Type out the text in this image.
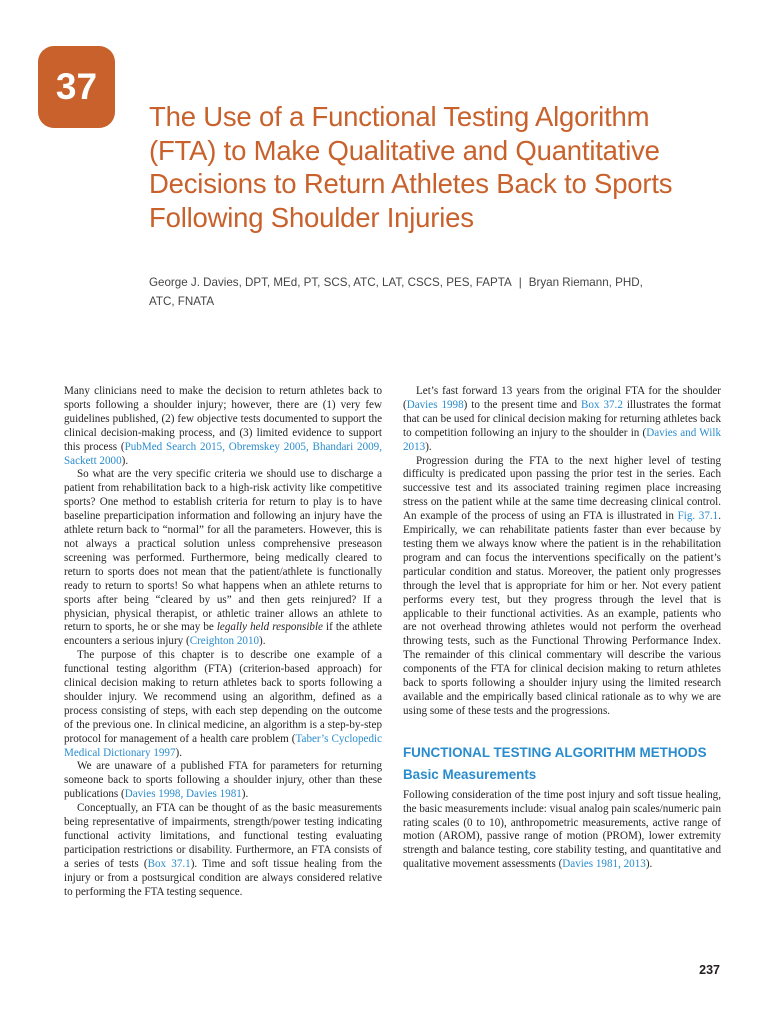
37
The Use of a Functional Testing Algorithm (FTA) to Make Qualitative and Quantitative Decisions to Return Athletes Back to Sports Following Shoulder Injuries
George J. Davies, DPT, MEd, PT, SCS, ATC, LAT, CSCS, PES, FAPTA | Bryan Riemann, PHD, ATC, FNATA

Many clinicians need to make the decision to return athletes back to sports following a shoulder injury; however, there are (1) very few guidelines published, (2) few objective tests documented to support the clinical decision-making process, and (3) limited evidence to support this process (PubMed Search 2015, Obremskey 2005, Bhandari 2009, Sackett 2000).

So what are the very specific criteria we should use to discharge a patient from rehabilitation back to a high-risk activity like competitive sports? One method to establish criteria for return to play is to have baseline preparticipation information and following an injury have the athlete return back to “normal” for all the parameters. However, this is not always a practical solution unless comprehensive preseason screening was performed. Furthermore, being medically cleared to return to sports does not mean that the patient/athlete is functionally ready to return to sports! So what happens when an athlete returns to sports after being “cleared by us” and then gets reinjured? If a physician, physical therapist, or athletic trainer allows an athlete to return to sports, he or she may be legally held responsible if the athlete encounters a serious injury (Creighton 2010).

The purpose of this chapter is to describe one example of a functional testing algorithm (FTA) (criterion-based approach) for clinical decision making to return athletes back to sports following a shoulder injury. We recommend using an algorithm, defined as a process consisting of steps, with each step depending on the outcome of the previous one. In clinical medicine, an algorithm is a step-by-step protocol for management of a health care problem (Taber’s Cyclopedic Medical Dictionary 1997).

We are unaware of a published FTA for parameters for returning someone back to sports following a shoulder injury, other than these publications (Davies 1998, Davies 1981).

Conceptually, an FTA can be thought of as the basic measurements being representative of impairments, strength/power testing indicating functional activity limitations, and functional testing evaluating participation restrictions or disability. Furthermore, an FTA consists of a series of tests (Box 37.1). Time and soft tissue healing from the injury or from a postsurgical condition are always considered relative to performing the FTA testing sequence.

Let’s fast forward 13 years from the original FTA for the shoulder (Davies 1998) to the present time and Box 37.2 illustrates the format that can be used for clinical decision making for returning athletes back to competition following an injury to the shoulder in (Davies and Wilk 2013).

Progression during the FTA to the next higher level of testing difficulty is predicated upon passing the prior test in the series. Each successive test and its associated training regimen place increasing stress on the patient while at the same time decreasing clinical control. An example of the process of using an FTA is illustrated in Fig. 37.1. Empirically, we can rehabilitate patients faster than ever because by testing them we always know where the patient is in the rehabilitation program and can focus the interventions specifically on the patient’s particular condition and status. Moreover, the patient only progresses through the level that is appropriate for him or her. Not every patient performs every test, but they progress through the level that is applicable to their functional activities. As an example, patients who are not overhead throwing athletes would not perform the overhead throwing tests, such as the Functional Throwing Performance Index. The remainder of this clinical commentary will describe the various components of the FTA for clinical decision making to return athletes back to sports following a shoulder injury using the limited research available and the empirically based clinical rationale as to why we are using some of these tests and the progressions.

FUNCTIONAL TESTING ALGORITHM METHODS
Basic Measurements

Following consideration of the time post injury and soft tissue healing, the basic measurements include: visual analog pain scales/numeric pain rating scales (0 to 10), anthropometric measurements, active range of motion (AROM), passive range of motion (PROM), lower extremity strength and balance testing, core stability testing, and quantitative and qualitative movement assessments (Davies 1981, 2013).

237
